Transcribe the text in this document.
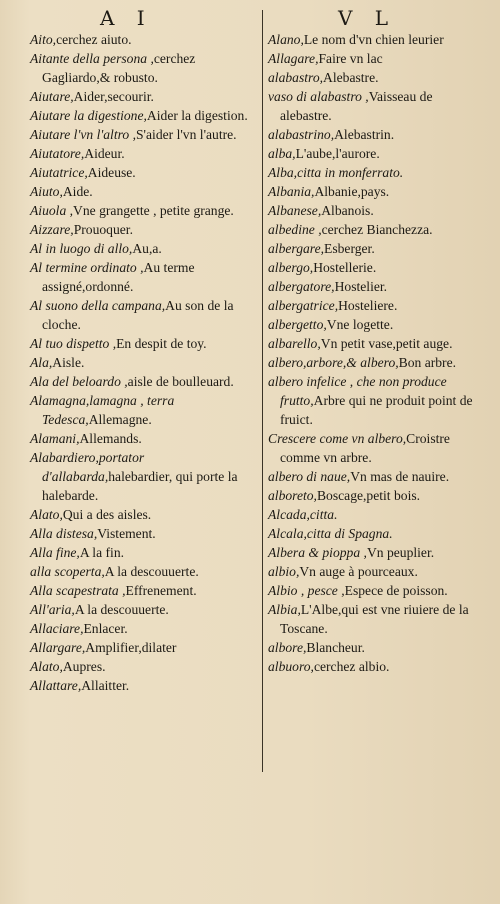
A I	V L

Aito,cerchez aiuto.

Aitante della persona ,cerchez Gagliardo,& robusto.

Aiutare,Aider,secourir.

Aiutare la digestione,Aider la digestion.

Aiutare l'vn l'altro ,S'aider l'vn l'autre.

Aiutatore,Aideur.

Aiutatrice,Aideuse.

Aiuto,Aide.

Aiuola ,Vne grangette , petite grange.

Aizzare,Prouoquer.

Al in luogo di allo,Au,a.

Al termine ordinato ,Au terme assigné,ordonné.

Al suono della campana,Au son de la cloche.

Al tuo dispetto ,En despit de toy.

Ala,Aisle.

Ala del beloardo ,aisle de boulleuard.

Alamagna,lamagna , terra Tedesca,Allemagne.

Alamani,Allemands.

Alabardiero,portator d'allabarda,halebardier, qui porte la halebarde.

Alato,Qui a des aisles.

Alla distesa,Vistement.

Alla fine,A la fin.

alla scoperta,A la descouuerte.

Alla scapestrata ,Effrenement.

All'aria,A la descouuerte.

Allaciare,Enlacer.

Allargare,Amplifier,dilater

Alato,Aupres.

Allattare,Allaitter.

Alano,Le nom d'vn chien leurier

Allagare,Faire vn lac

alabastro,Alebastre.

vaso di alabastro ,Vaisseau de alebastre.

alabastrino,Alebastrin.

alba,L'aube,l'aurore.

Alba,citta in monferrato.

Albania,Albanie,pays.

Albanese,Albanois.

albedine ,cerchez Bianchezza.

albergare,Esberger.

albergo,Hostellerie.

albergatore,Hostelier.

albergatrice,Hosteliere.

albergetto,Vne logette.

albarello,Vn petit vase,petit auge.

albero,arbore,& albero,Bon arbre.

albero infelice , che non produce frutto,Arbre qui ne produit point de fruict.

Crescere come vn albero,Croistre comme vn arbre.

albero di naue,Vn mas de nauire.

alboreto,Boscage,petit bois.

Alcada,citta.

Alcala,citta di Spagna.

Albera & pioppa ,Vn peuplier.

albio,Vn auge à pourceaux.

Albio , pesce ,Espece de poisson.

Albia,L'Albe,qui est vne riuiere de la Toscane.

albore,Blancheur.

albuoro,cerchez albio.
